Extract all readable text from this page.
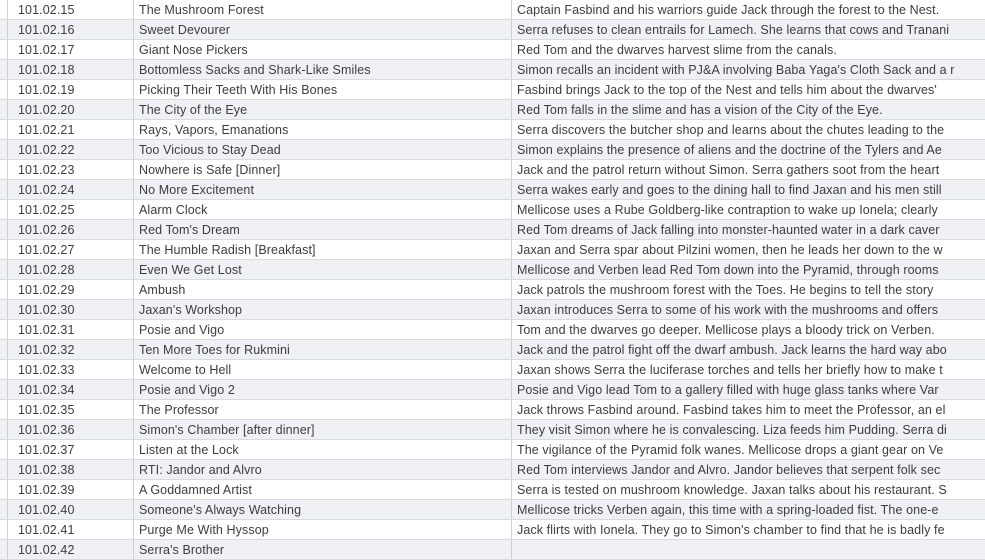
101.02.15	The Mushroom Forest	Captain Fasbind and his warriors guide Jack through the forest to the Nest.
101.02.16	Sweet Devourer	Serra refuses to clean entrails for Lamech. She learns that cows and Tranani
101.02.17	Giant Nose Pickers	Red Tom and the dwarves harvest slime from the canals.
101.02.18	Bottomless Sacks and Shark-Like Smiles	Simon recalls an incident with PJ&A involving Baba Yaga's Cloth Sack and a r
101.02.19	Picking Their Teeth With His Bones	Fasbind brings Jack to the top of the Nest and tells him about the dwarves'
101.02.20	The City of the Eye	Red Tom falls in the slime and has a vision of the City of the Eye.
101.02.21	Rays, Vapors, Emanations	Serra discovers the butcher shop and learns about the chutes leading to the
101.02.22	Too Vicious to Stay Dead	Simon explains the presence of aliens and the doctrine of the Tylers and Ae
101.02.23	Nowhere is Safe [Dinner]	Jack and the patrol return without Simon. Serra gathers soot from the heart
101.02.24	No More Excitement	Serra wakes early and goes to the dining hall to find Jaxan and his men still
101.02.25	Alarm Clock	Mellicose uses a Rube Goldberg-like contraption to wake up Ionela; clearly
101.02.26	Red Tom's Dream	Red Tom dreams of Jack falling into monster-haunted water in a dark caver
101.02.27	The Humble Radish [Breakfast]	Jaxan and Serra spar about Pilzini women, then he leads her down to the w
101.02.28	Even We Get Lost	Mellicose and Verben lead Red Tom down into the Pyramid, through rooms
101.02.29	Ambush	Jack patrols the mushroom forest with the Toes. He begins to tell the story
101.02.30	Jaxan's Workshop	Jaxan introduces Serra to some of his work with the mushrooms and offers
101.02.31	Posie and Vigo	Tom and the dwarves go deeper. Mellicose plays a bloody trick on Verben.
101.02.32	Ten More Toes for Rukmini	Jack and the patrol fight off the dwarf ambush. Jack learns the hard way abo
101.02.33	Welcome to Hell	Jaxan shows Serra the luciferase torches and tells her briefly how to make t
101.02.34	Posie and Vigo 2	Posie and Vigo lead Tom to a gallery filled with huge glass tanks where Var
101.02.35	The Professor	Jack throws Fasbind around. Fasbind takes him to meet the Professor, an el
101.02.36	Simon's Chamber [after dinner]	They visit Simon where he is convalescing. Liza feeds him Pudding. Serra di
101.02.37	Listen at the Lock	The vigilance of the Pyramid folk wanes. Mellicose drops a giant gear on Ve
101.02.38	RTI: Jandor and Alvro	Red Tom interviews Jandor and Alvro. Jandor believes that serpent folk sec
101.02.39	A Goddamned Artist	Serra is tested on mushroom knowledge. Jaxan talks about his restaurant. S
101.02.40	Someone's Always Watching	Mellicose tricks Verben again, this time with a spring-loaded fist. The one-e
101.02.41	Purge Me With Hyssop	Jack flirts with Ionela. They go to Simon's chamber to find that he is badly fe
101.02.42	Serra's Brother
